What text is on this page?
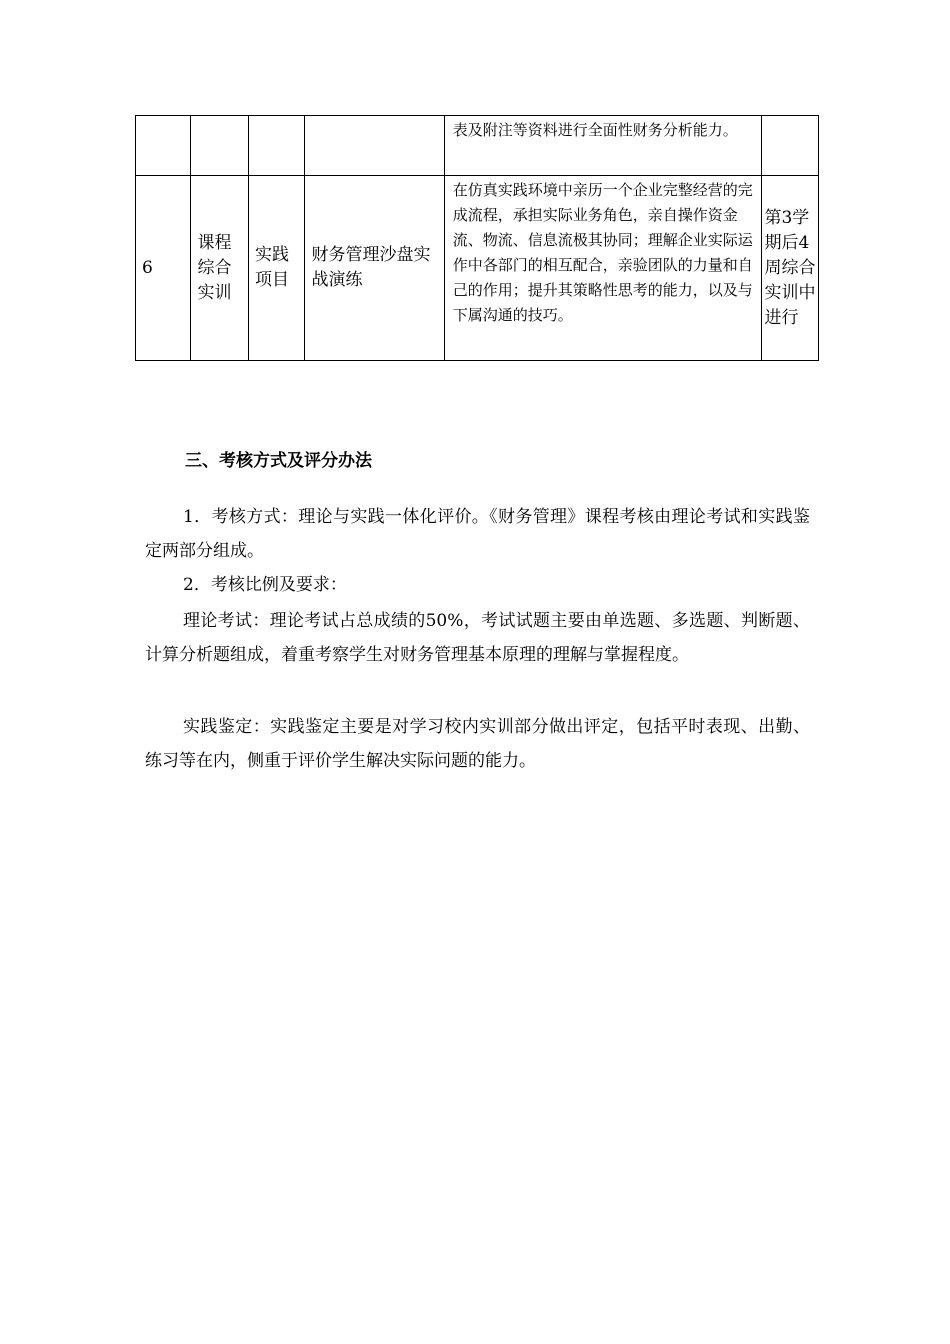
				表及附注等资料进行全面性财务分析能力。	
6	课程综合实训	实践项目	财务管理沙盘实战演练	在仿真实践环境中亲历一个企业完整经营的完成流程，承担实际业务角色，亲自操作资金流、物流、信息流极其协同；理解企业实际运作中各部门的相互配合，亲验团队的力量和自己的作用；提升其策略性思考的能力，以及与下属沟通的技巧。	第3学期后4周综合实训中进行

三、考核方式及评分办法

1．考核方式：理论与实践一体化评价。《财务管理》课程考核由理论考试和实践鉴定两部分组成。

2．考核比例及要求：

理论考试：理论考试占总成绩的50%，考试试题主要由单选题、多选题、判断题、计算分析题组成，着重考察学生对财务管理基本原理的理解与掌握程度。

实践鉴定：实践鉴定主要是对学习校内实训部分做出评定，包括平时表现、出勤、练习等在内，侧重于评价学生解决实际问题的能力。
